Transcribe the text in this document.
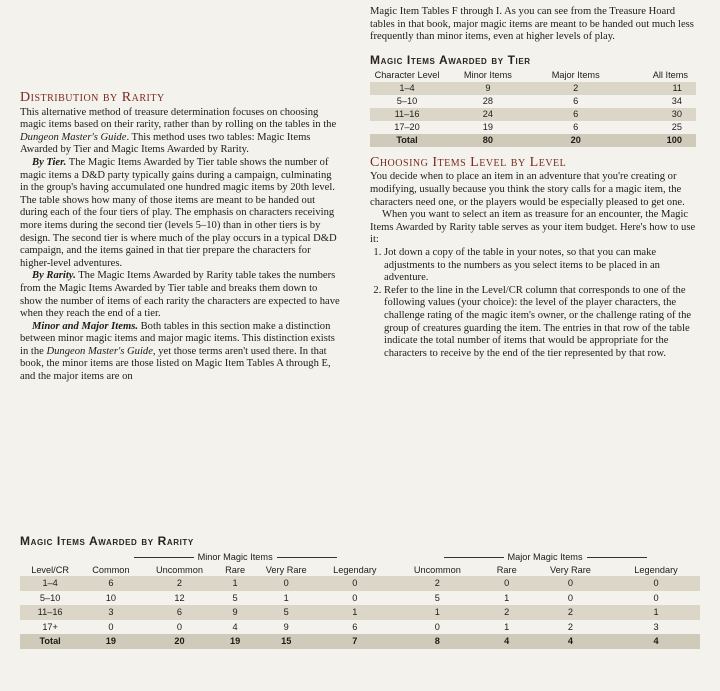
Magic Item Tables F through I. As you can see from the Treasure Hoard tables in that book, major magic items are meant to be handed out much less frequently than minor items, even at higher levels of play.

Magic Items Awarded by Tier
Character Level	Minor Items	Major Items	All Items
1–4	9	2	11
5–10	28	6	34
11–16	24	6	30
17–20	19	6	25
Total	80	20	100
Choosing Items Level by Level

You decide when to place an item in an adventure that you're creating or modifying, usually because you think the story calls for a magic item, the characters need one, or the players would be especially pleased to get one.

When you want to select an item as treasure for an encounter, the Magic Items Awarded by Rarity table serves as your item budget. Here's how to use it:

1. Jot down a copy of the table in your notes, so that you can make adjustments to the numbers as you select items to be placed in an adventure.
2. Refer to the line in the Level/CR column that corresponds to one of the following values (your choice): the level of the player characters, the challenge rating of the magic item's owner, or the challenge rating of the group of creatures guarding the item. The entries in that row of the table indicate the total number of items that would be appropriate for the characters to receive by the end of the tier represented by that row.
Distribution by Rarity

This alternative method of treasure determination focuses on choosing magic items based on their rarity, rather than by rolling on the tables in the Dungeon Master's Guide. This method uses two tables: Magic Items Awarded by Tier and Magic Items Awarded by Rarity.

By Tier. The Magic Items Awarded by Tier table shows the number of magic items a D&D party typically gains during a campaign, culminating in the group's having accumulated one hundred magic items by 20th level. The table shows how many of those items are meant to be handed out during each of the four tiers of play. The emphasis on characters receiving more items during the second tier (levels 5–10) than in other tiers is by design. The second tier is where much of the play occurs in a typical D&D campaign, and the items gained in that tier prepare the characters for higher-level adventures.

By Rarity. The Magic Items Awarded by Rarity table takes the numbers from the Magic Items Awarded by Tier table and breaks them down to show the number of items of each rarity the characters are expected to have when they reach the end of a tier.

Minor and Major Items. Both tables in this section make a distinction between minor magic items and major magic items. This distinction exists in the Dungeon Master's Guide, yet those terms aren't used there. In that book, the minor items are those listed on Magic Item Tables A through E, and the major items are on

Magic Items Awarded by Rarity
	Minor Magic Items					Major Magic Items			
Level/CR	Common	Uncommon	Rare	Very Rare	Legendary	Uncommon	Rare	Very Rare	Legendary
1–4	6	2	1	0	0	2	0	0	0
5–10	10	12	5	1	0	5	1	0	0
11–16	3	6	9	5	1	1	2	2	1
17+	0	0	4	9	6	0	1	2	3
Total	19	20	19	15	7	8	4	4	4
